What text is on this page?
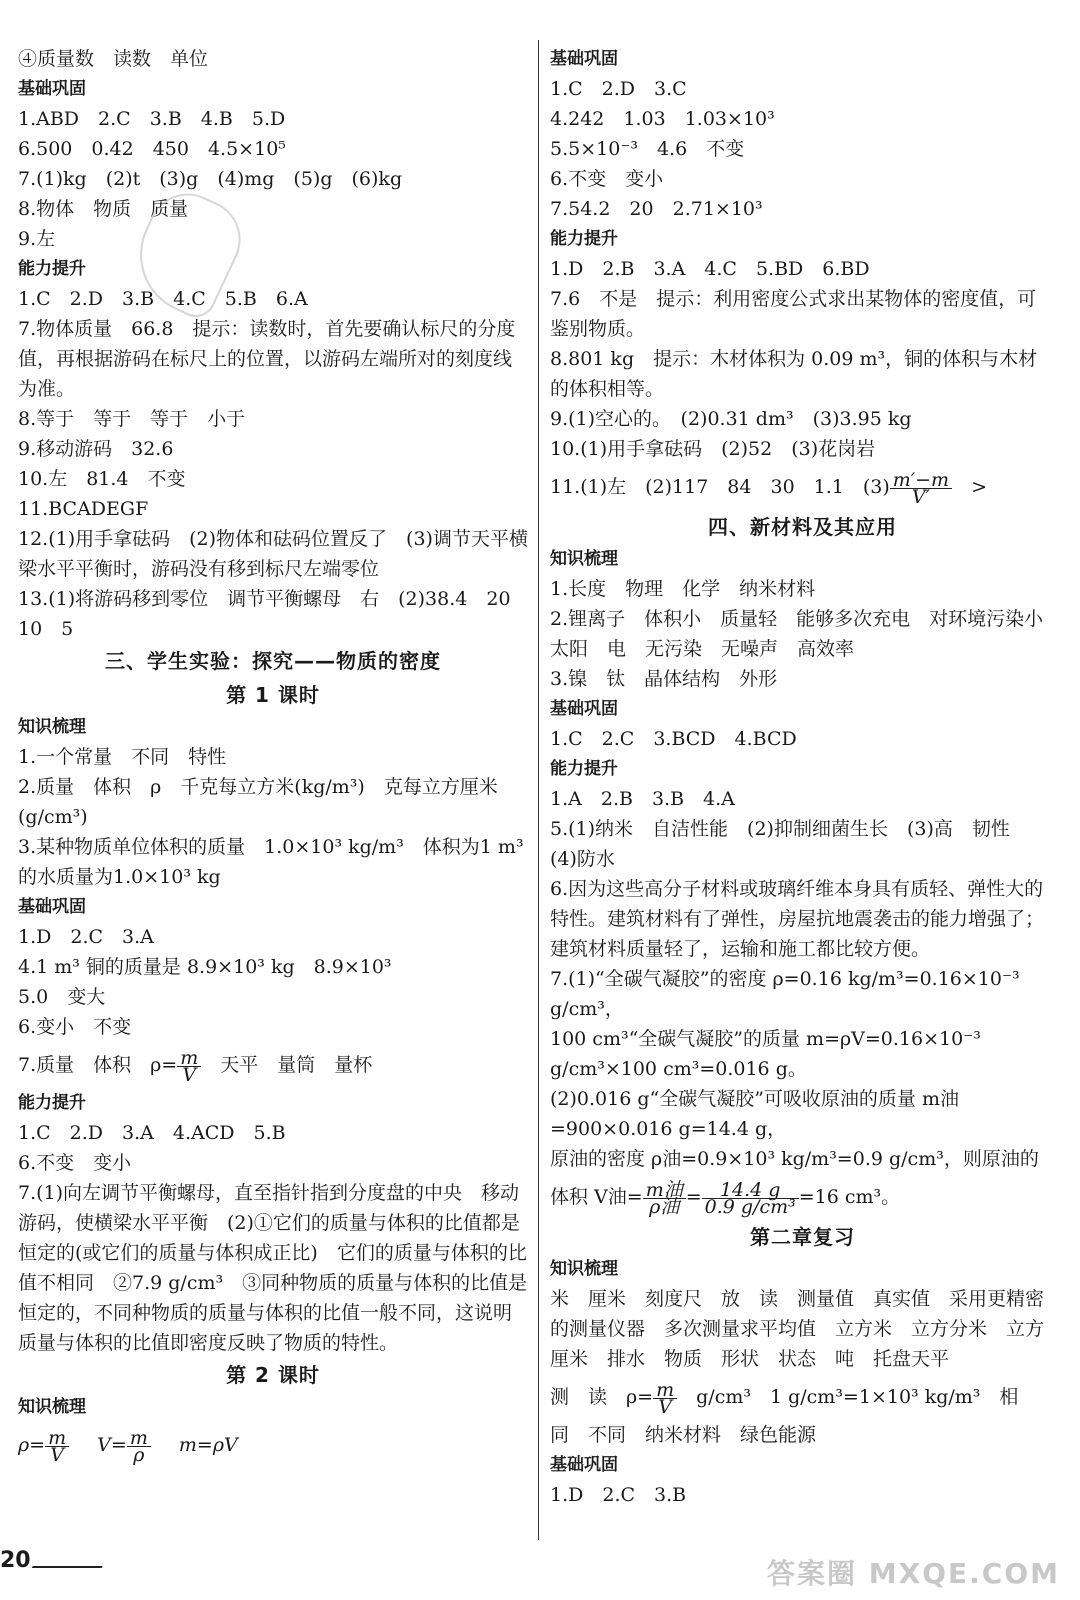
④质量数　读数　单位
基础巩固
1.ABD　2.C　3.B　4.B　5.D
6.500　0.42　450　4.5×10⁵
7.(1)kg　(2)t　(3)g　(4)mg　(5)g　(6)kg
8.物体　物质　质量
9.左
能力提升
1.C　2.D　3.B　4.C　5.B　6.A
7.物体质量　66.8　提示：读数时，首先要确认标尺的分度值，再根据游码在标尺上的位置，以游码左端所对的刻度线为准。
8.等于　等于　等于　小于
9.移动游码　32.6
10.左　81.4　不变
11.BCADEGF
12.(1)用手拿砝码　(2)物体和砝码位置反了　(3)调节天平横梁水平平衡时，游码没有移到标尺左端零位
13.(1)将游码移到零位　调节平衡螺母　右　(2)38.4　20　10　5
三、学生实验：探究——物质的密度
第 1 课时
知识梳理
1.一个常量　不同　特性
2.质量　体积　ρ　千克每立方米(kg/m³)　克每立方厘米(g/cm³)
3.某种物质单位体积的质量　1.0×10³ kg/m³　体积为1 m³ 的水质量为1.0×10³ kg
基础巩固
1.D　2.C　3.A
4.1 m³ 铜的质量是 8.9×10³ kg　8.9×10³
5.0　变大
6.变小　不变
7.质量　体积　$\rho= \frac{m}{V}$ 　天平　量筒　量杯
能力提升
1.C　2.D　3.A　4.ACD　5.B
6.不变　变小
7.(1)向左调节平衡螺母，直至指针指到分度盘的中央　移动游码，使横梁水平平衡　(2)①它们的质量与体积的比值都是恒定的(或它们的质量与体积成正比)　它们的质量与体积的比值不相同　②7.9 g/cm³　③同种物质的质量与体积的比值是恒定的，不同种物质的质量与体积的比值一般不同，这说明质量与体积的比值即密度反映了物质的特性。
第 2 课时
知识梳理
$\rho= \frac{m}{V} V= \frac{m}{\rho} m=\rho V$
基础巩固
1.C　2.D　3.C
4.242　1.03　1.03×10³
5.5×10⁻³　4.6　不变
6.不变　变小
7.54.2　20　2.71×10³
能力提升
1.D　2.B　3.A　4.C　5.BD　6.BD
7.6　不是　提示：利用密度公式求出某物体的密度值，可鉴别物质。
8.801 kg　提示：木材体积为 0.09 m³，铜的体积与木材的体积相等。
9.(1)空心的。　(2)0.31 dm³　(3)3.95 kg
10.(1)用手拿砝码　(2)52　(3)花岗岩
11.(1)左　(2)117　84　30　1.1　$(3) \frac{m'-m}{V'}$ 　>
四、新材料及其应用
知识梳理
1.长度　物理　化学　纳米材料
2.锂离子　体积小　质量轻　能够多次充电　对环境污染小　太阳　电　无污染　无噪声　高效率
3.镍　钛　晶体结构　外形
基础巩固
1.C　2.C　3.BCD　4.BCD
能力提升
1.A　2.B　3.B　4.A
5.(1)纳米　自洁性能　(2)抑制细菌生长　(3)高　韧性　(4)防水
6.因为这些高分子材料或玻璃纤维本身具有质轻、弹性大的特性。建筑材料有了弹性，房屋抗地震袭击的能力增强了；建筑材料质量轻了，运输和施工都比较方便。
7.(1)“全碳气凝胶”的密度 ρ=0.16 kg/m³=0.16×10⁻³ g/cm³，
100 cm³“全碳气凝胶”的质量 m=ρV=0.16×10⁻³ g/cm³×100 cm³=0.016 g。
(2)0.016 g“全碳气凝胶”可吸收原油的质量 m油=900×0.016 g=14.4 g，
原油的密度 ρ油=0.9×10³ kg/m³=0.9 g/cm³，则原油的
体积 V油= $\frac{\text{m油}}{\text{ρ油}} = \frac{14.4 g}{\text{0.9 g/cm³}} =16$ cm³。
第二章复习
知识梳理
米　厘米　刻度尺　放　读　测量值　真实值　采用更精密的测量仪器　多次测量求平均值　立方米　立方分米　立方厘米　排水　物质　形状　状态　吨　托盘天平
测　读　$\rho= \frac{m}{V}$ 　g/cm³　1 g/cm³=1×10³ kg/m³　相
同　不同　纳米材料　绿色能源
基础巩固
1.D　2.C　3.B
20	答案圈 MXQE.COM
